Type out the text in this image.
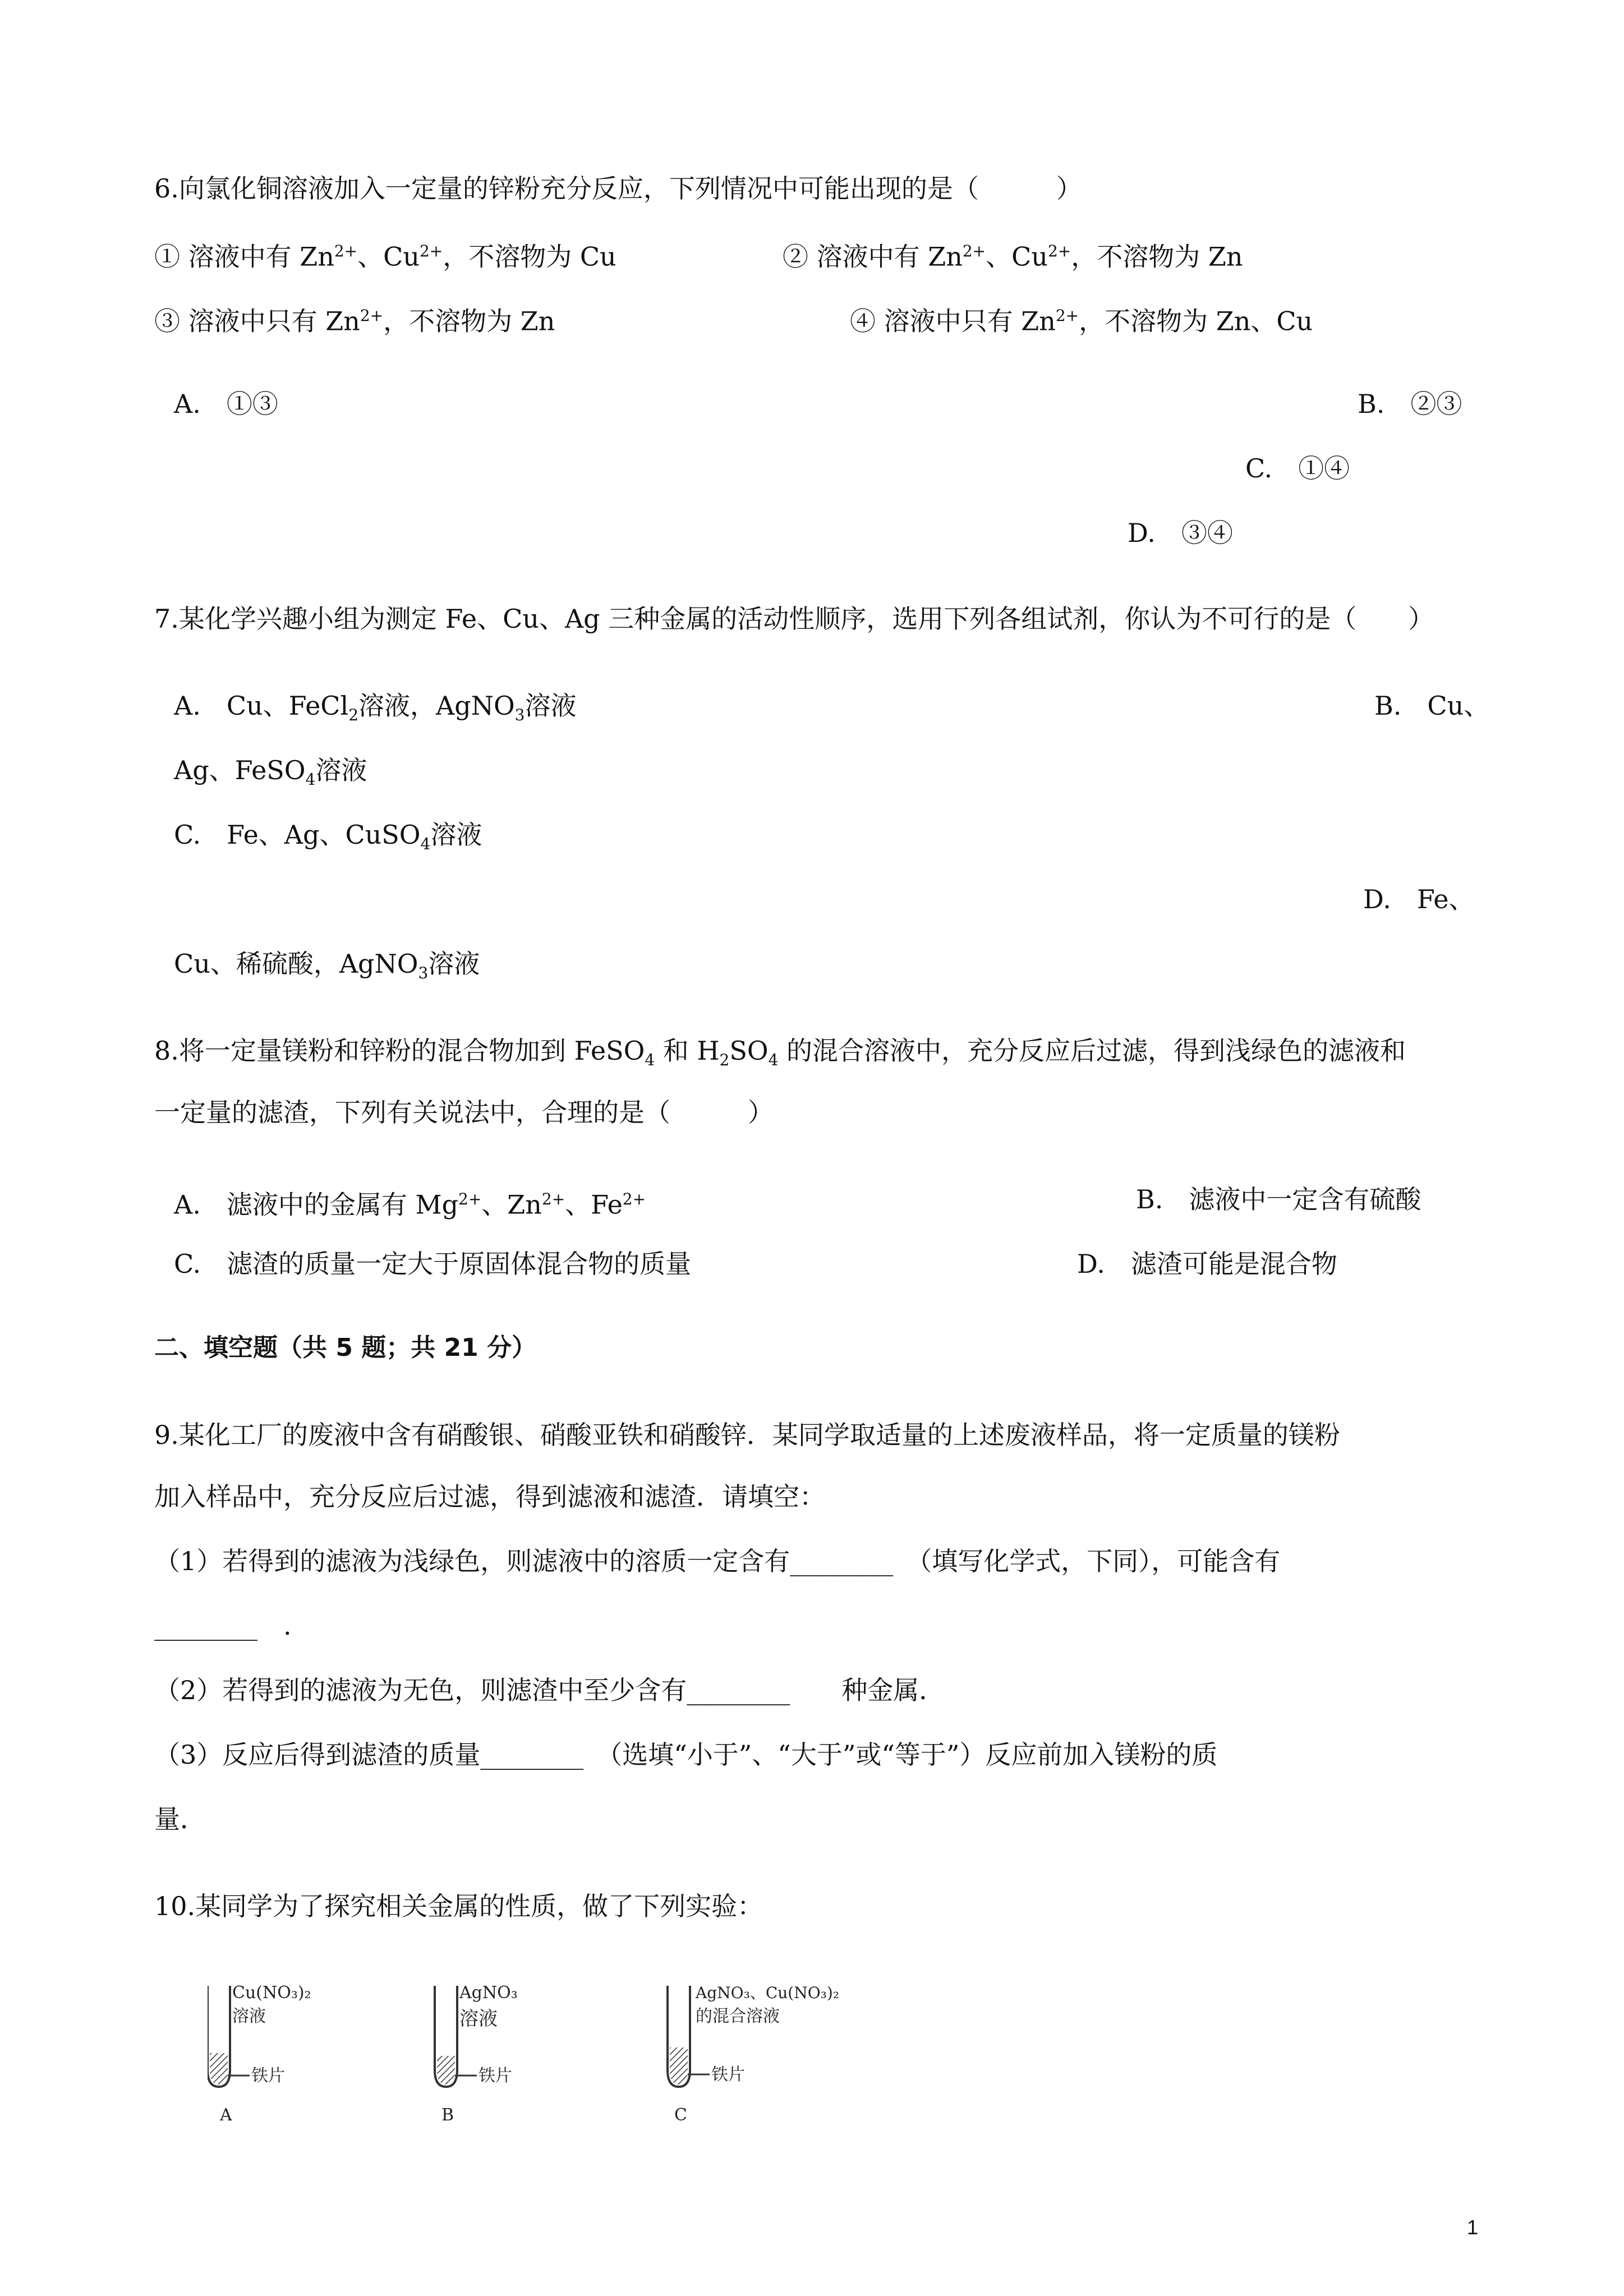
6.向氯化铜溶液加入一定量的锌粉充分反应，下列情况中可能出现的是（　　　）
① 溶液中有 $Zn^{2+}$、$Cu^{2+}$，不溶物为 Cu	② 溶液中有 $Zn^{2+}$、$Cu^{2+}$，不溶物为 Zn
③ 溶液中只有 $Zn^{2+}$，不溶物为 Zn	④ 溶液中只有 $Zn^{2+}$，不溶物为 Zn、Cu
A.　①③	B.　②③
C.　①④
D.　③④
7.某化学兴趣小组为测定 Fe、Cu、Ag 三种金属的活动性顺序，选用下列各组试剂，你认为不可行的是（　　）
A.　Cu、FeCl$_2$溶液，AgNO$_3$溶液	B.　Cu、
Ag、FeSO$_4$溶液
C.　Fe、Ag、CuSO$_4$溶液
D.　Fe、
Cu、稀硫酸，AgNO$_3$溶液
8.将一定量镁粉和锌粉的混合物加到 FeSO$_4$ 和 $H_2SO_4$ 的混合溶液中，充分反应后过滤，得到浅绿色的滤液和
一定量的滤渣，下列有关说法中，合理的是（　　　）
A.　滤液中的金属有 $Mg^{2+}$、$Zn^{2+}$、$Fe^{2+}$	B.　滤液中一定含有硫酸
C.　滤渣的质量一定大于原固体混合物的质量	D.　滤渣可能是混合物
二、填空题（共 5 题；共 21 分）
9.某化工厂的废液中含有硝酸银、硝酸亚铁和硝酸锌．某同学取适量的上述废液样品，将一定质量的镁粉
加入样品中，充分反应后过滤，得到滤液和滤渣．请填空：
（1）若得到的滤液为浅绿色，则滤液中的溶质一定含有________　（填写化学式，下同），可能含有
________　.
（2）若得到的滤液为无色，则滤渣中至少含有________　　种金属．
（3）反应后得到滤渣的质量________　（选填“小于”、“大于”或“等于”）反应前加入镁粉的质
量．
10.某同学为了探究相关金属的性质，做了下列实验：
Cu(NO₃)₂
溶液
铁片
A
AgNO₃
溶液
铁片
B
AgNO₃、Cu(NO₃)₂
的混合溶液
铁片
C
1
